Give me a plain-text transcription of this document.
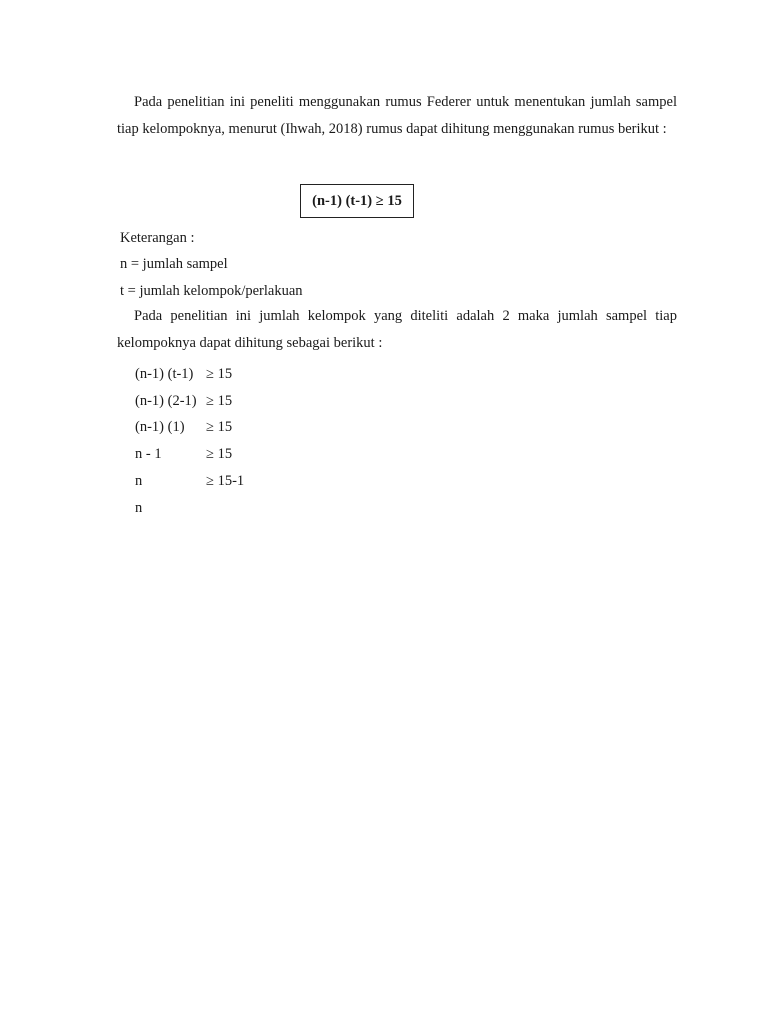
Pada penelitian ini peneliti menggunakan rumus Federer untuk menentukan jumlah sampel tiap kelompoknya, menurut (Ihwah, 2018) rumus dapat dihitung menggunakan rumus berikut :

(n-1) (t-1) ≥ 15

Keterangan :

n = jumlah sampel

t = jumlah kelompok/perlakuan

Pada penelitian ini jumlah kelompok yang diteliti adalah 2 maka jumlah sampel tiap kelompoknya dapat dihitung sebagai berikut :

(n-1) (t-1) ≥ 15
(n-1) (2-1) ≥ 15
(n-1) (1)	≥ 15
n - 1	≥ 15
n	≥ 15-1
n
